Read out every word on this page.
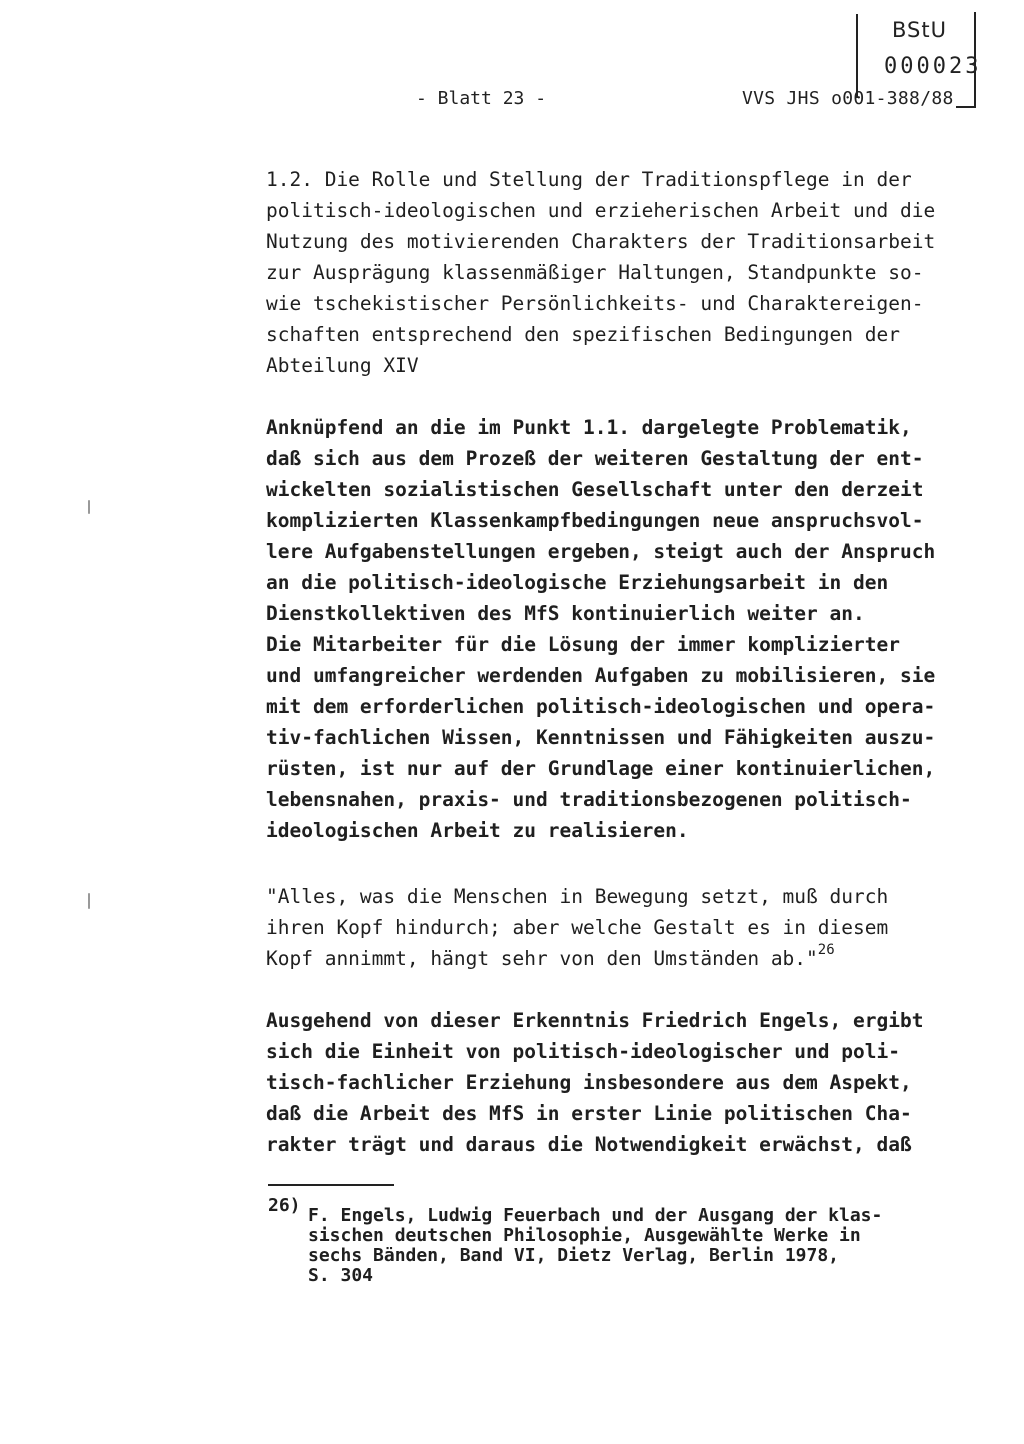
BStU
000023
- Blatt 23 -	VVS JHS o001-388/88
1.2. Die Rolle und Stellung der Traditionspflege in der
politisch-ideologischen und erzieherischen Arbeit und die
Nutzung des motivierenden Charakters der Traditionsarbeit
zur Ausprägung klassenmäßiger Haltungen, Standpunkte so-
wie tschekistischer Persönlichkeits- und Charaktereigen-
schaften entsprechend den spezifischen Bedingungen der
Abteilung XIV
Anknüpfend an die im Punkt 1.1. dargelegte Problematik,
daß sich aus dem Prozeß der weiteren Gestaltung der ent-
wickelten sozialistischen Gesellschaft unter den derzeit
komplizierten Klassenkampfbedingungen neue anspruchsvol-
lere Aufgabenstellungen ergeben, steigt auch der Anspruch
an die politisch-ideologische Erziehungsarbeit in den
Dienstkollektiven des MfS kontinuierlich weiter an.
Die Mitarbeiter für die Lösung der immer komplizierter
und umfangreicher werdenden Aufgaben zu mobilisieren, sie
mit dem erforderlichen politisch-ideologischen und opera-
tiv-fachlichen Wissen, Kenntnissen und Fähigkeiten auszu-
rüsten, ist nur auf der Grundlage einer kontinuierlichen,
lebensnahen, praxis- und traditionsbezogenen politisch-
ideologischen Arbeit zu realisieren.
"Alles, was die Menschen in Bewegung setzt, muß durch
ihren Kopf hindurch; aber welche Gestalt es in diesem
Kopf annimmt, hängt sehr von den Umständen ab."$^{26}$
Ausgehend von dieser Erkenntnis Friedrich Engels, ergibt
sich die Einheit von politisch-ideologischer und poli-
tisch-fachlicher Erziehung insbesondere aus dem Aspekt,
daß die Arbeit des MfS in erster Linie politischen Cha-
rakter trägt und daraus die Notwendigkeit erwächst, daß
26) F. Engels, Ludwig Feuerbach und der Ausgang der klas-
sischen deutschen Philosophie, Ausgewählte Werke in
sechs Bänden, Band VI, Dietz Verlag, Berlin 1978,
S. 304
